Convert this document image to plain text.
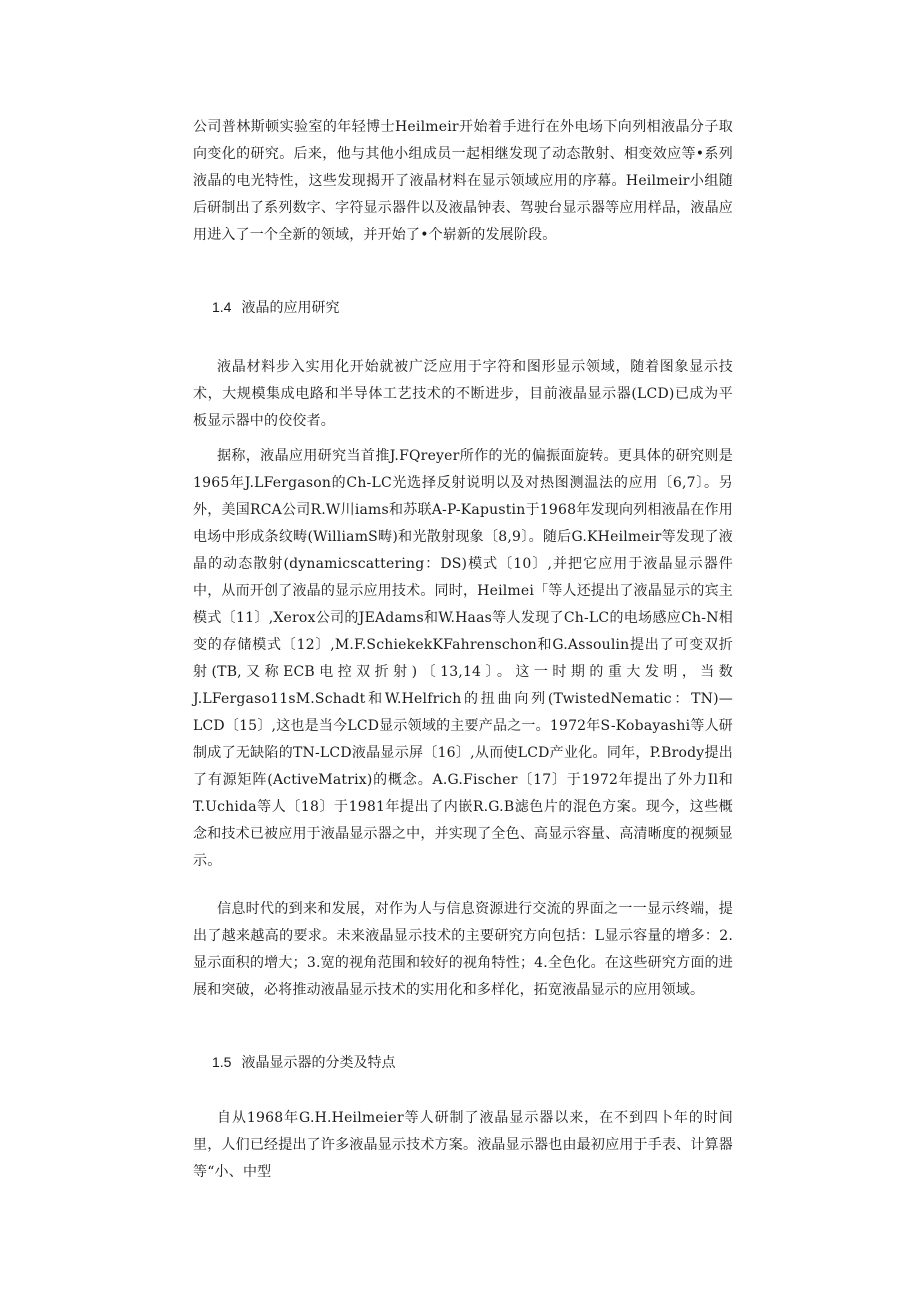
公司普林斯顿实验室的年轻博士Heilmeir开始着手进行在外电场下向列相液晶分子取向变化的研究。后来，他与其他小组成员一起相继发现了动态散射、相变效应等•系列液晶的电光特性，这些发现揭开了液晶材料在显示领域应用的序幕。Heilmeir小组随后研制出了系列数字、字符显示器件以及液晶钟表、驾驶台显示器等应用样品，液晶应用进入了一个全新的领域，并开始了•个崭新的发展阶段。

1.4 液晶的应用研究

液晶材料步入实用化开始就被广泛应用于字符和图形显示领域，随着图象显示技术，大规模集成电路和半导体工艺技术的不断进步，目前液晶显示器(LCD)已成为平板显示器中的佼佼者。

据称，液晶应用研究当首推J.FQreyer所作的光的偏振面旋转。更具体的研究则是1965年J.LFergason的Ch-LC光选择反射说明以及对热图测温法的应用〔6,7〕。另外，美国RCA公司R.W川iams和苏联A-P-Kapustin于1968年发现向列相液晶在作用电场中形成条纹畴(WilliamS畴)和光散射现象〔8,9〕。随后G.KHeilmeir等发现了液晶的动态散射(dynamicscattering：DS)模式〔10〕,并把它应用于液晶显示器件中，从而开创了液晶的显示应用技术。同时，Heilmei「等人还提出了液晶显示的宾主模式〔11〕,Xerox公司的JEAdams和W.Haas等人发现了Ch-LC的电场感应Ch-N相变的存储模式〔12〕,M.F.SchiekekKFahrenschon和G.Assoulin提出了可变双折射(TB,又称ECB电控双折射)〔13,14〕。这一时期的重大发明，当数J.LFergaso11sM.Schadt和W.Helfrich的扭曲向列(TwistedNematic：TN)—LCD〔15〕,这也是当今LCD显示领域的主要产品之一。1972年S-Kobayashi等人研制成了无缺陷的TN-LCD液晶显示屏〔16〕,从而使LCD产业化。同年，P.Brody提出了有源矩阵(ActiveMatrix)的概念。A.G.Fischer〔17〕于1972年提出了外力Il和T.Uchida等人〔18〕于1981年提出了内嵌R.G.B滤色片的混色方案。现今，这些概念和技术已被应用于液晶显示器之中，并实现了全色、高显示容量、高清晰度的视频显示。

信息时代的到来和发展，对作为人与信息资源进行交流的界面之一一显示终端，提出了越来越高的要求。未来液晶显示技术的主要研究方向包括：L显示容量的增多：2.显示面积的增大；3.宽的视角范围和较好的视角特性；4.全色化。在这些研究方面的进展和突破，必将推动液晶显示技术的实用化和多样化，拓宽液晶显示的应用领域。

1.5 液晶显示器的分类及特点

自从1968年G.H.Heilmeier等人研制了液晶显示器以来，在不到四卜年的时间里，人们已经提出了许多液晶显示技术方案。液晶显示器也由最初应用于手表、计算器等“小、中型
